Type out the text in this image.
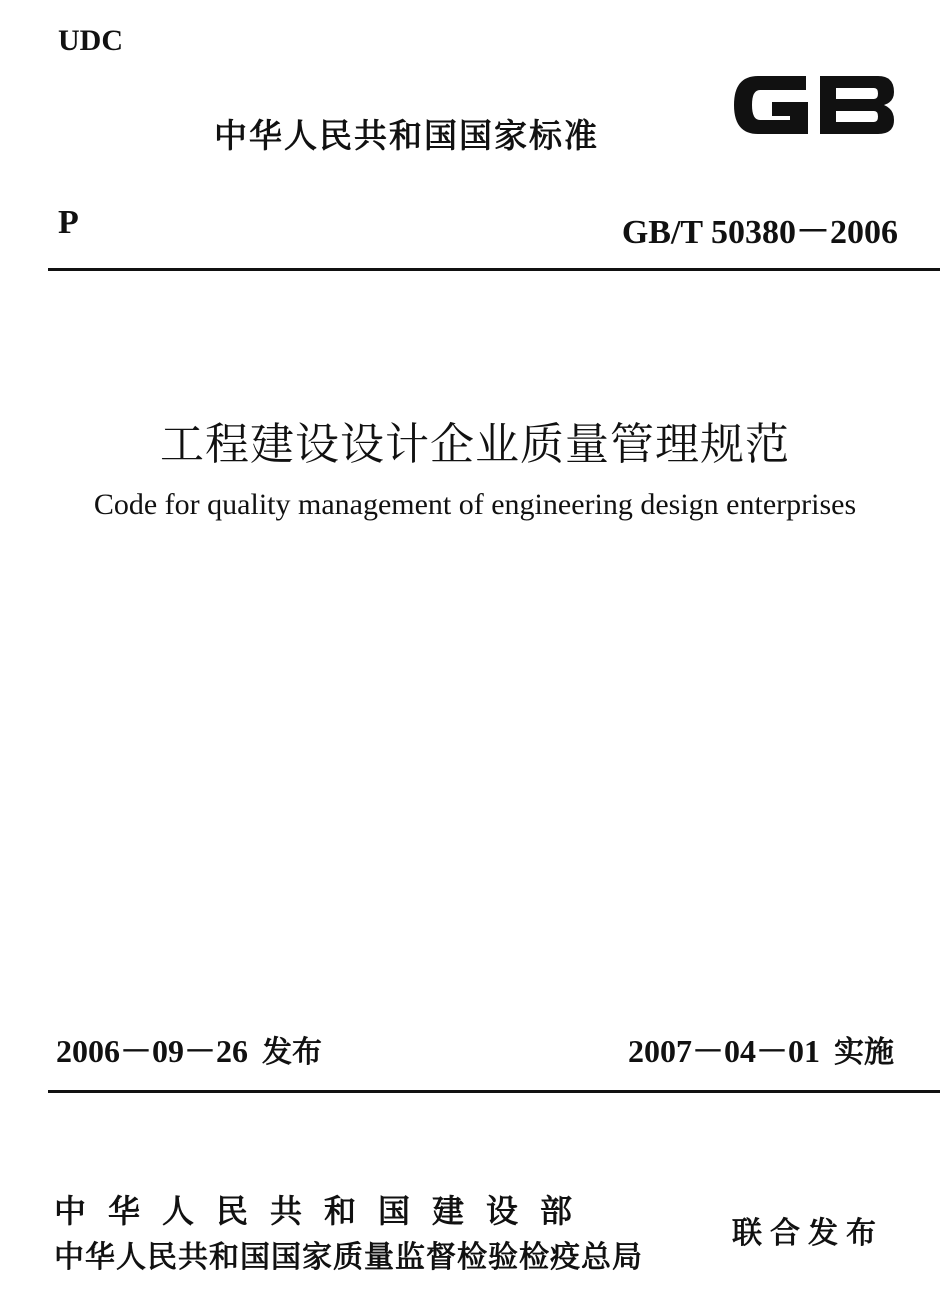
UDC
中华人民共和国国家标准
P	GB/T 50380－2006
工程建设设计企业质量管理规范
Code for quality management of engineering design enterprises
2006－09－26 发布	2007－04－01 实施
中华人民共和国建设部
中华人民共和国国家质量监督检验检疫总局
联合发布
